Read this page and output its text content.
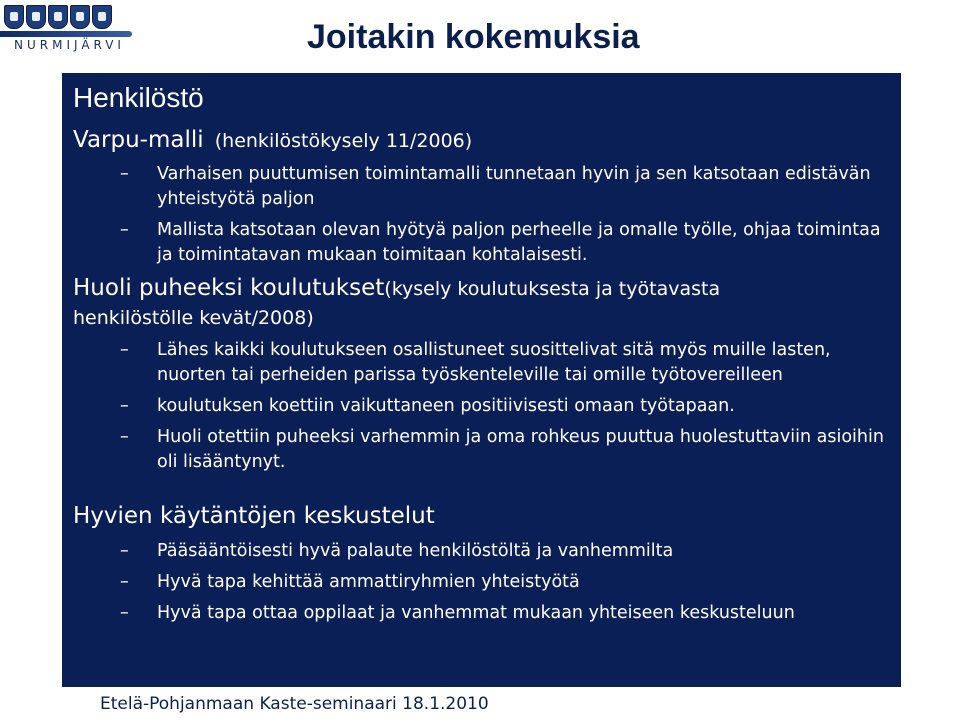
NURMIJÄRVI	Joitakin kokemuksia
Henkilöstö
Varpu-malli (henkilöstökysely 11/2006)
– Varhaisen puuttumisen toimintamalli tunnetaan hyvin ja sen katsotaan edistävän yhteistyötä paljon
– Mallista katsotaan olevan hyötyä paljon perheelle ja omalle työlle, ohjaa toimintaa ja toimintatavan mukaan toimitaan kohtalaisesti.
Huoli puheeksi koulutukset(kysely koulutuksesta ja työtavasta
henkilöstölle kevät/2008)
– Lähes kaikki koulutukseen osallistuneet suosittelivat sitä myös muille lasten, nuorten tai perheiden parissa työskenteleville tai omille työtovereilleen
– koulutuksen koettiin vaikuttaneen positiivisesti omaan työtapaan.
– Huoli otettiin puheeksi varhemmin ja oma rohkeus puuttua huolestuttaviin asioihin oli lisääntynyt.
Hyvien käytäntöjen keskustelut
– Pääsääntöisesti hyvä palaute henkilöstöltä ja vanhemmilta
– Hyvä tapa kehittää ammattiryhmien yhteistyötä
– Hyvä tapa ottaa oppilaat ja vanhemmat mukaan yhteiseen keskusteluun
Etelä-Pohjanmaan Kaste-seminaari 18.1.2010
